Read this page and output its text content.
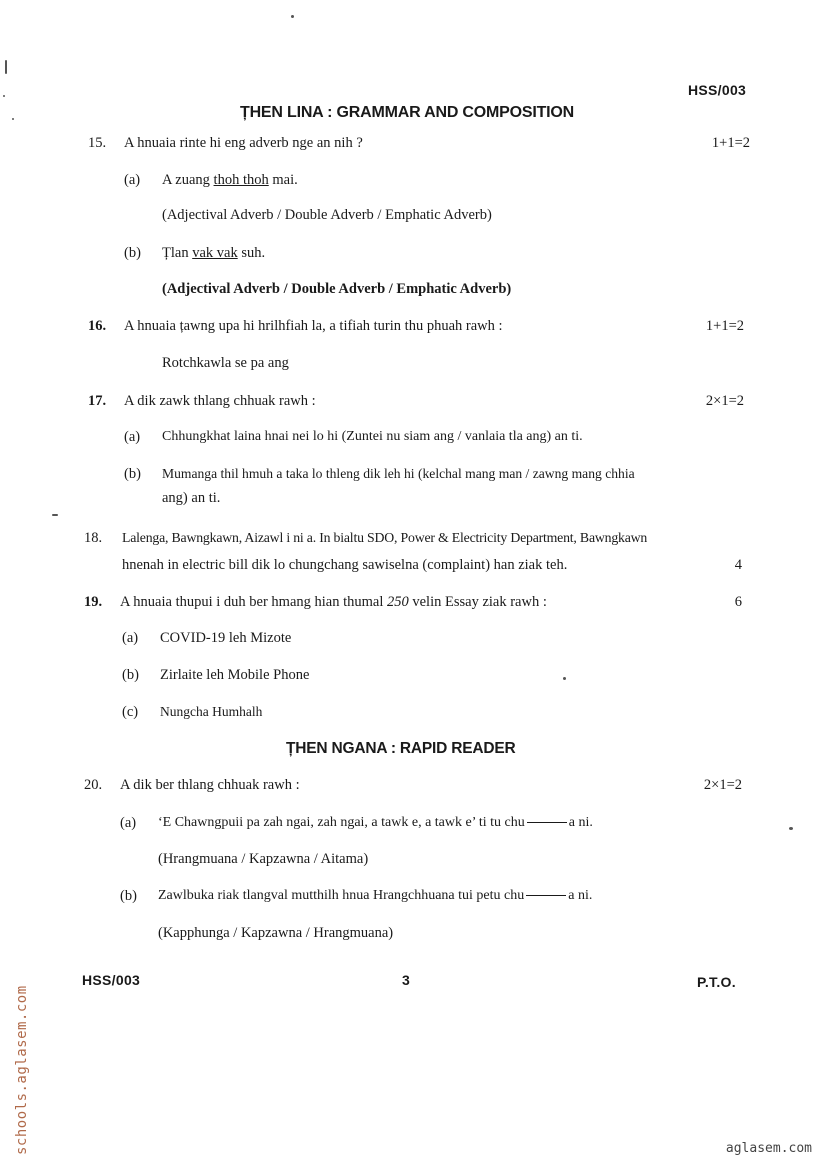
HSS/003
ȚHEN LINA : GRAMMAR AND COMPOSITION
15. A hnuaia rinte hi eng adverb nge an nih ?	1+1=2
(a) A zuang thoh thoh mai.
(Adjectival Adverb / Double Adverb / Emphatic Adverb)
(b) Țlan vak vak suh.
(Adjectival Adverb / Double Adverb / Emphatic Adverb)
16. A hnuaia țawng upa hi hrilhfiah la, a tifiah turin thu phuah rawh :	1+1=2
Rotchkawla se pa ang
17. A dik zawk thlang chhuak rawh :	2×1=2
(a) Chhungkhat laina hnai nei lo hi (Zuntei nu siam ang / vanlaia tla ang) an ti.
(b) Mumanga thil hmuh a taka lo thleng dik leh hi (kelchal mang man / zawng mang chhia
ang) an ti.
18. Lalenga, Bawngkawn, Aizawl i ni a. In bialtu SDO, Power & Electricity Department, Bawngkawn
hnenah in electric bill dik lo chungchang sawiselna (complaint) han ziak teh.	4
19. A hnuaia thupui i duh ber hmang hian thumal 250 velin Essay ziak rawh :	6
(a) COVID-19 leh Mizote
(b) Zirlaite leh Mobile Phone
(c) Nungcha Humhalh
ȚHEN NGANA : RAPID READER
20. A dik ber thlang chhuak rawh :	2×1=2
(a) ‘E Chawngpuii pa zah ngai, zah ngai, a tawk e, a tawk e’ ti tu chu	a ni.
(Hrangmuana / Kapzawna / Aitama)
(b) Zawlbuka riak tlangval mutthilh hnua Hrangchhuana tui petu chu	a ni.
(Kapphunga / Kapzawna / Hrangmuana)
HSS/003	3	P.T.O.
schools.aglasem.com	aglasem.com
